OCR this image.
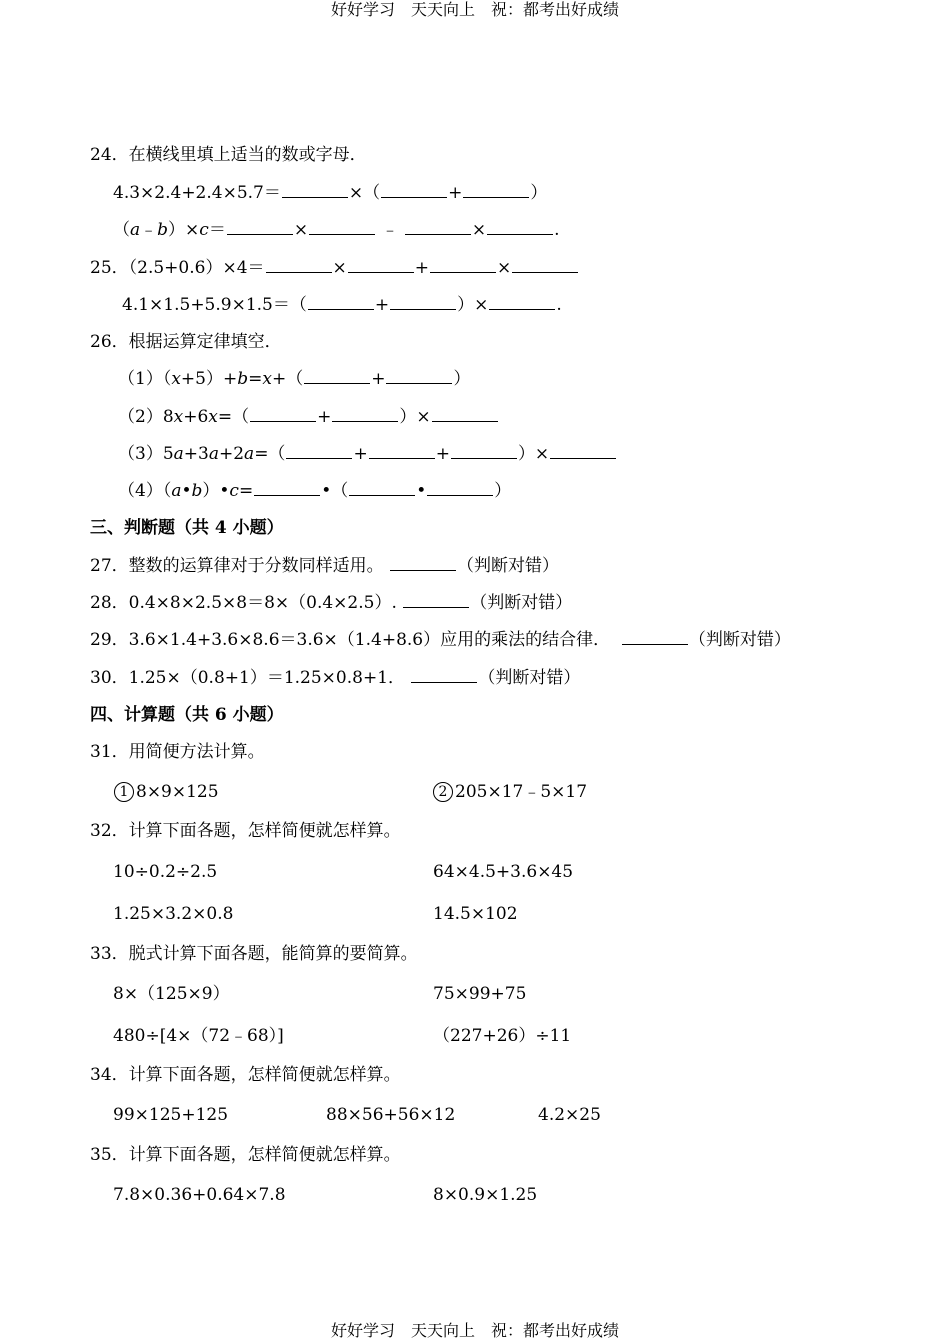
好好学习　天天向上　祝：都考出好成绩
24．在横线里填上适当的数或字母．
4.3×2.4+2.4×5.7＝	×（	+	）
（a﹣b）×c＝	×	﹣	×	.
25．（2.5+0.6）×4＝	×	+	×
4.1×1.5+5.9×1.5＝（	+	）×	.
26．根据运算定律填空．
（1）（x+5）+b=x+（	+	）
（2）8x+6x=（	+	）×
（3）5a+3a+2a=（	+	+	）×
（4）（a•b）•c=	•（	•	）
三、判断题（共 4 小题）
27．整数的运算律对于分数同样适用。	（判断对错）
28．0.4×8×2.5×8＝8×（0.4×2.5）.	（判断对错）
29．3.6×1.4+3.6×8.6＝3.6×（1.4+8.6）应用的乘法的结合律．	（判断对错）
30．1.25×（0.8+1）＝1.25×0.8+1．	（判断对错）
四、计算题（共 6 小题）
31．用简便方法计算。
1 8×9×125	2 205×17﹣5×17
32．计算下面各题，怎样简便就怎样算。
10÷0.2÷2.5	64×4.5+3.6×45
1.25×3.2×0.8	14.5×102
33．脱式计算下面各题，能简算的要简算。
8×（125×9）	75×99+75
480÷[4×（72﹣68）]	（227+26）÷11
34．计算下面各题，怎样简便就怎样算。
99×125+125	88×56+56×12	4.2×25
35．计算下面各题，怎样简便就怎样算。
7.8×0.36+0.64×7.8	8×0.9×1.25
好好学习　天天向上　祝：都考出好成绩
